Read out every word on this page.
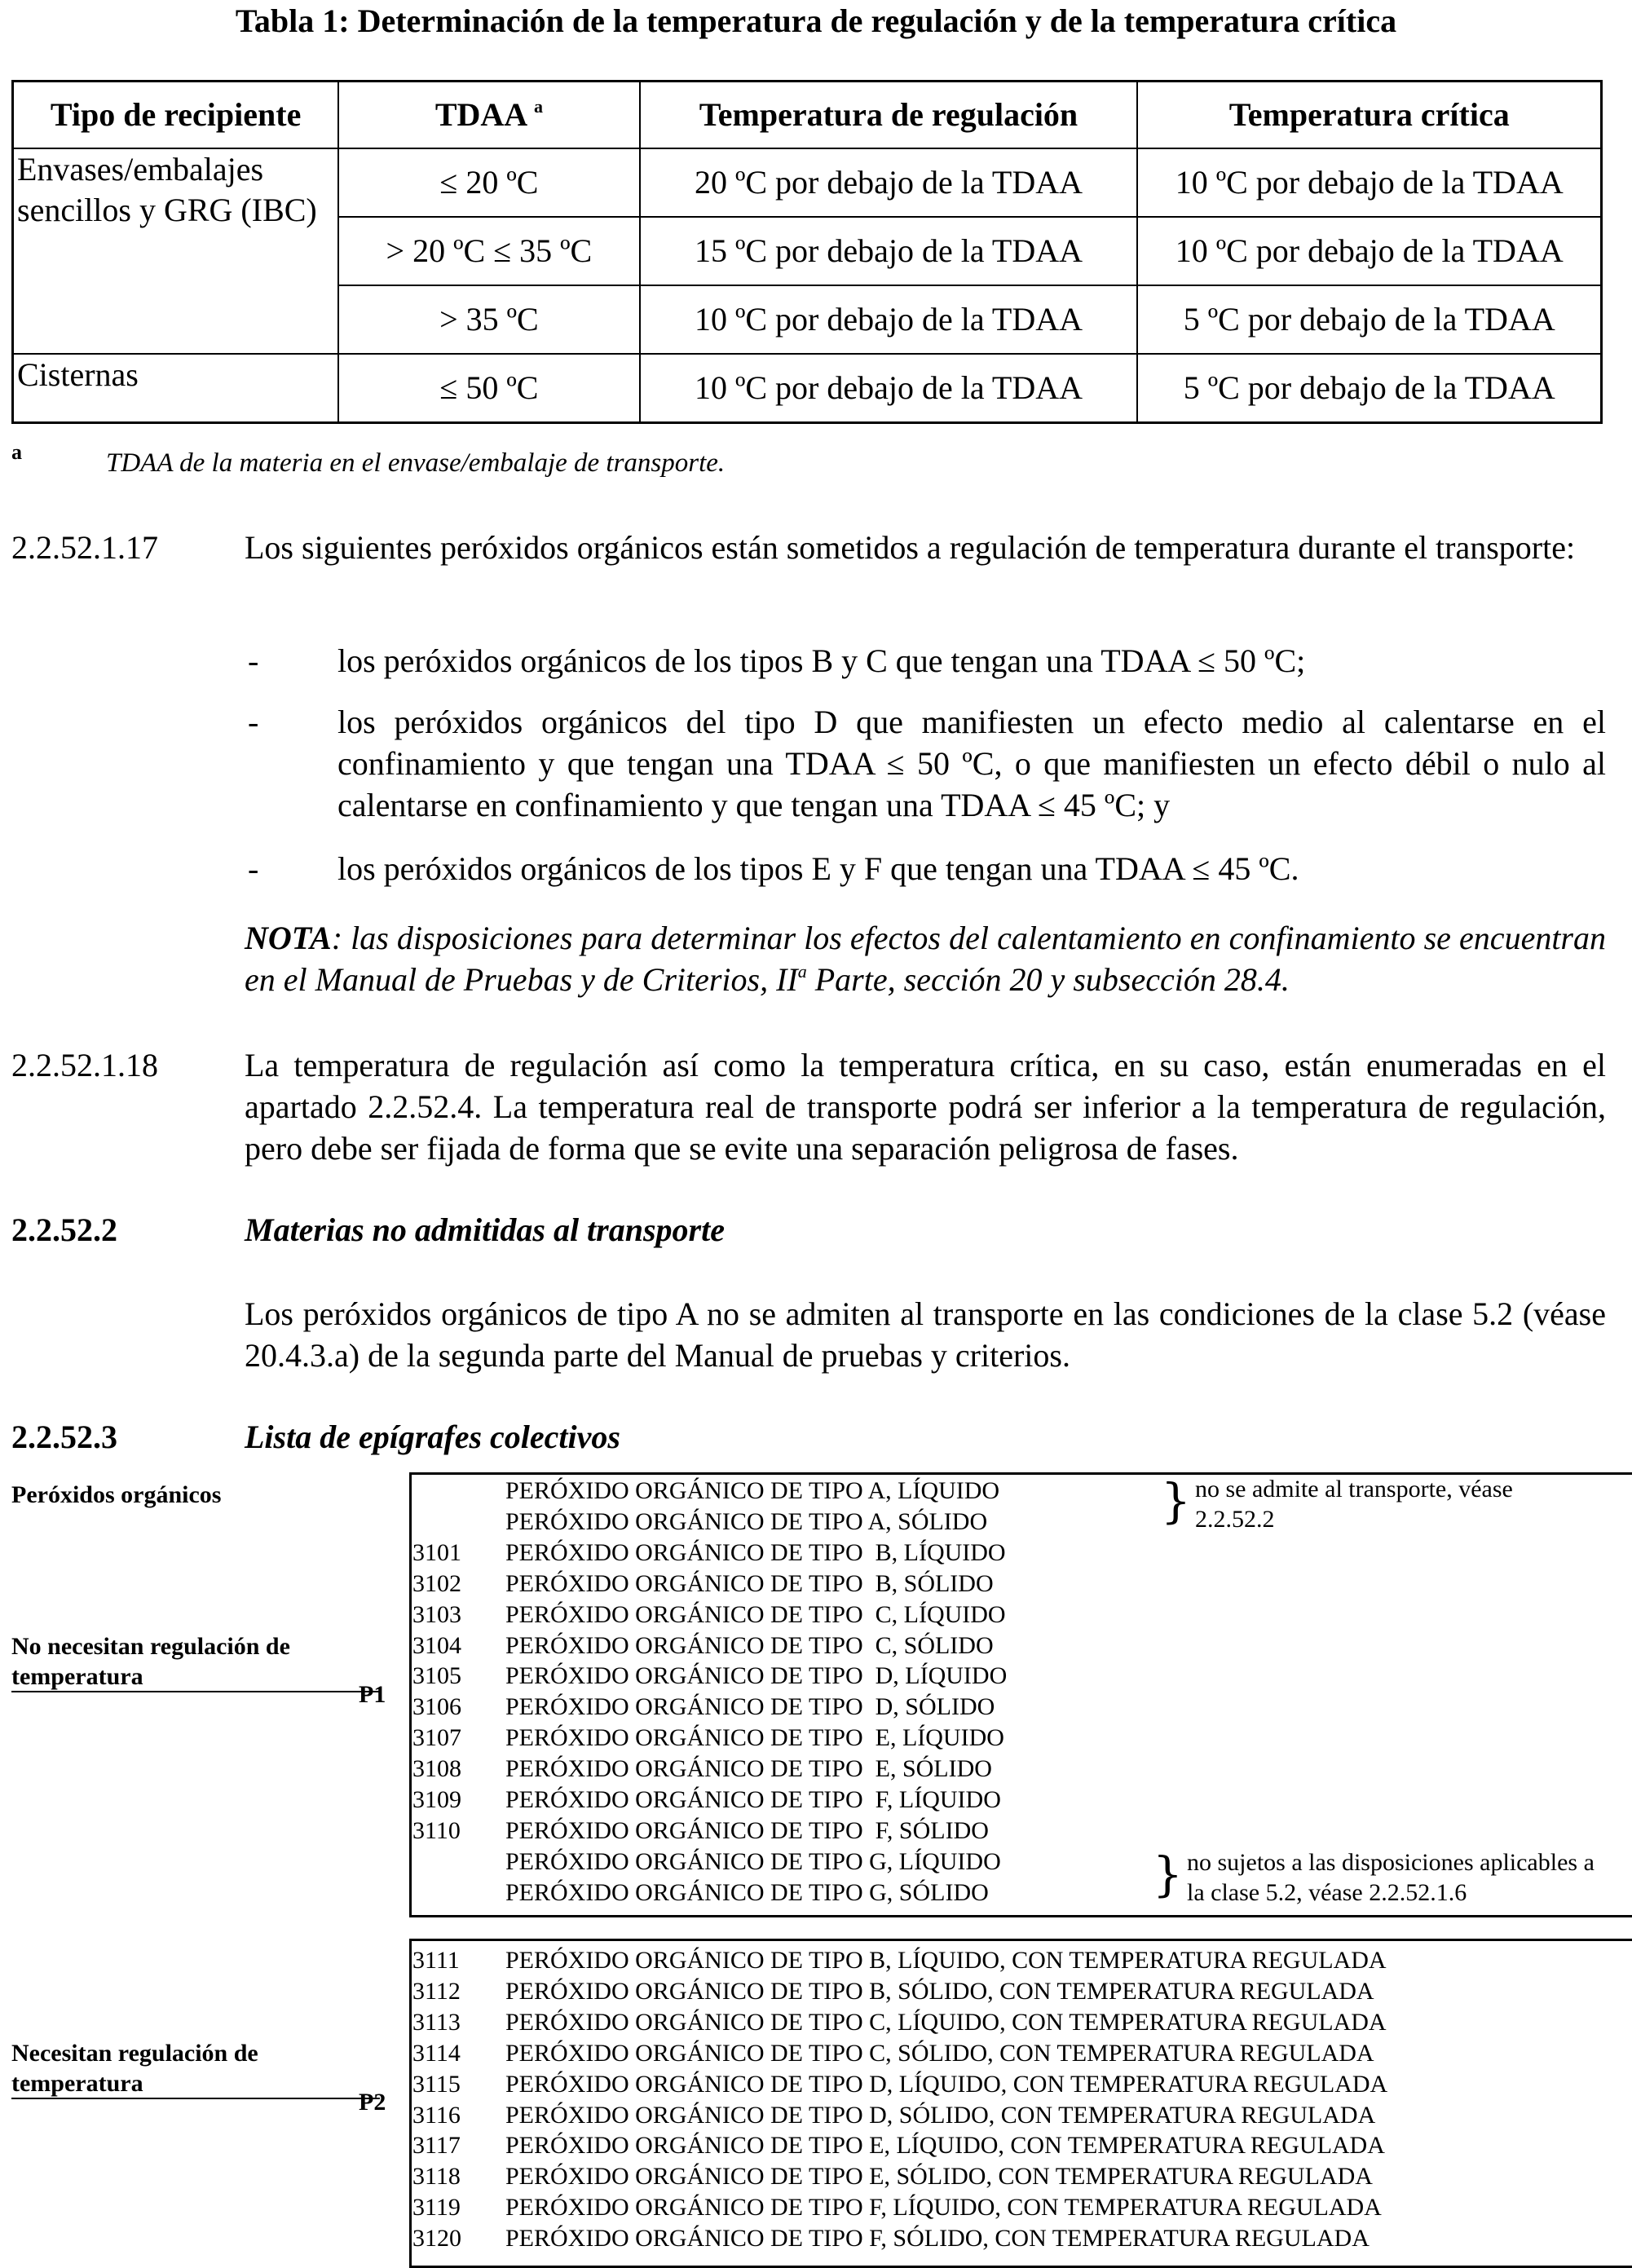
Tabla 1: Determinación de la temperatura de regulación y de la temperatura crítica
Tipo de recipiente	TDAA $^a$	Temperatura de regulación	Temperatura crítica
Envases/embalajes sencillos y GRG (IBC)	≤ 20 ºC	20 ºC por debajo de la TDAA	10 ºC por debajo de la TDAA
	> 20 ºC ≤ 35 ºC	15 ºC por debajo de la TDAA	10 ºC por debajo de la TDAA
	> 35 ºC	10 ºC por debajo de la TDAA	5 ºC por debajo de la TDAA
Cisternas	≤ 50 ºC	10 ºC por debajo de la TDAA	5 ºC por debajo de la TDAA
a	TDAA de la materia en el envase/embalaje de transporte.
2.2.52.1.17	Los siguientes peróxidos orgánicos están sometidos a regulación de temperatura durante el transporte:
- los peróxidos orgánicos de los tipos B y C que tengan una TDAA ≤ 50 ºC;
- los peróxidos orgánicos del tipo D que manifiesten un efecto medio al calentarse en el confinamiento y que tengan una TDAA ≤ 50 ºC, o que manifiesten un efecto débil o nulo al calentarse en confinamiento y que tengan una TDAA ≤ 45 ºC; y
- los peróxidos orgánicos de los tipos E y F que tengan una TDAA ≤ 45 ºC.
NOTA: las disposiciones para determinar los efectos del calentamiento en confinamiento se encuentran en el Manual de Pruebas y de Criterios, $II^a$ Parte, sección 20 y subsección 28.4.
2.2.52.1.18	La temperatura de regulación así como la temperatura crítica, en su caso, están enumeradas en el apartado 2.2.52.4. La temperatura real de transporte podrá ser inferior a la temperatura de regulación, pero debe ser fijada de forma que se evite una separación peligrosa de fases.
2.2.52.2	Materias no admitidas al transporte
Los peróxidos orgánicos de tipo A no se admiten al transporte en las condiciones de la clase 5.2 (véase 20.4.3.a) de la segunda parte del Manual de pruebas y criterios.
2.2.52.3	Lista de epígrafes colectivos
Peróxidos orgánicos
No necesitan regulación de
temperatura
P1
Necesitan regulación de
temperatura
P2
PERÓXIDO ORGÁNICO DE TIPO A, LÍQUIDO
PERÓXIDO ORGÁNICO DE TIPO A, SÓLIDO
3101 PERÓXIDO ORGÁNICO DE TIPO  B, LÍQUIDO
3102 PERÓXIDO ORGÁNICO DE TIPO  B, SÓLIDO
3103 PERÓXIDO ORGÁNICO DE TIPO  C, LÍQUIDO
3104 PERÓXIDO ORGÁNICO DE TIPO  C, SÓLIDO
3105 PERÓXIDO ORGÁNICO DE TIPO  D, LÍQUIDO
3106 PERÓXIDO ORGÁNICO DE TIPO  D, SÓLIDO
3107 PERÓXIDO ORGÁNICO DE TIPO  E, LÍQUIDO
3108 PERÓXIDO ORGÁNICO DE TIPO  E, SÓLIDO
3109 PERÓXIDO ORGÁNICO DE TIPO  F, LÍQUIDO
3110 PERÓXIDO ORGÁNICO DE TIPO  F, SÓLIDO
PERÓXIDO ORGÁNICO DE TIPO G, LÍQUIDO
PERÓXIDO ORGÁNICO DE TIPO G, SÓLIDO
} no se admite al transporte, véase
2.2.52.2
} no sujetos a las disposiciones aplicables a
la clase 5.2, véase 2.2.52.1.6
3111 PERÓXIDO ORGÁNICO DE TIPO B, LÍQUIDO, CON TEMPERATURA REGULADA
3112 PERÓXIDO ORGÁNICO DE TIPO B, SÓLIDO, CON TEMPERATURA REGULADA
3113 PERÓXIDO ORGÁNICO DE TIPO C, LÍQUIDO, CON TEMPERATURA REGULADA
3114 PERÓXIDO ORGÁNICO DE TIPO C, SÓLIDO, CON TEMPERATURA REGULADA
3115 PERÓXIDO ORGÁNICO DE TIPO D, LÍQUIDO, CON TEMPERATURA REGULADA
3116 PERÓXIDO ORGÁNICO DE TIPO D, SÓLIDO, CON TEMPERATURA REGULADA
3117 PERÓXIDO ORGÁNICO DE TIPO E, LÍQUIDO, CON TEMPERATURA REGULADA
3118 PERÓXIDO ORGÁNICO DE TIPO E, SÓLIDO, CON TEMPERATURA REGULADA
3119 PERÓXIDO ORGÁNICO DE TIPO F, LÍQUIDO, CON TEMPERATURA REGULADA
3120 PERÓXIDO ORGÁNICO DE TIPO F, SÓLIDO, CON TEMPERATURA REGULADA
